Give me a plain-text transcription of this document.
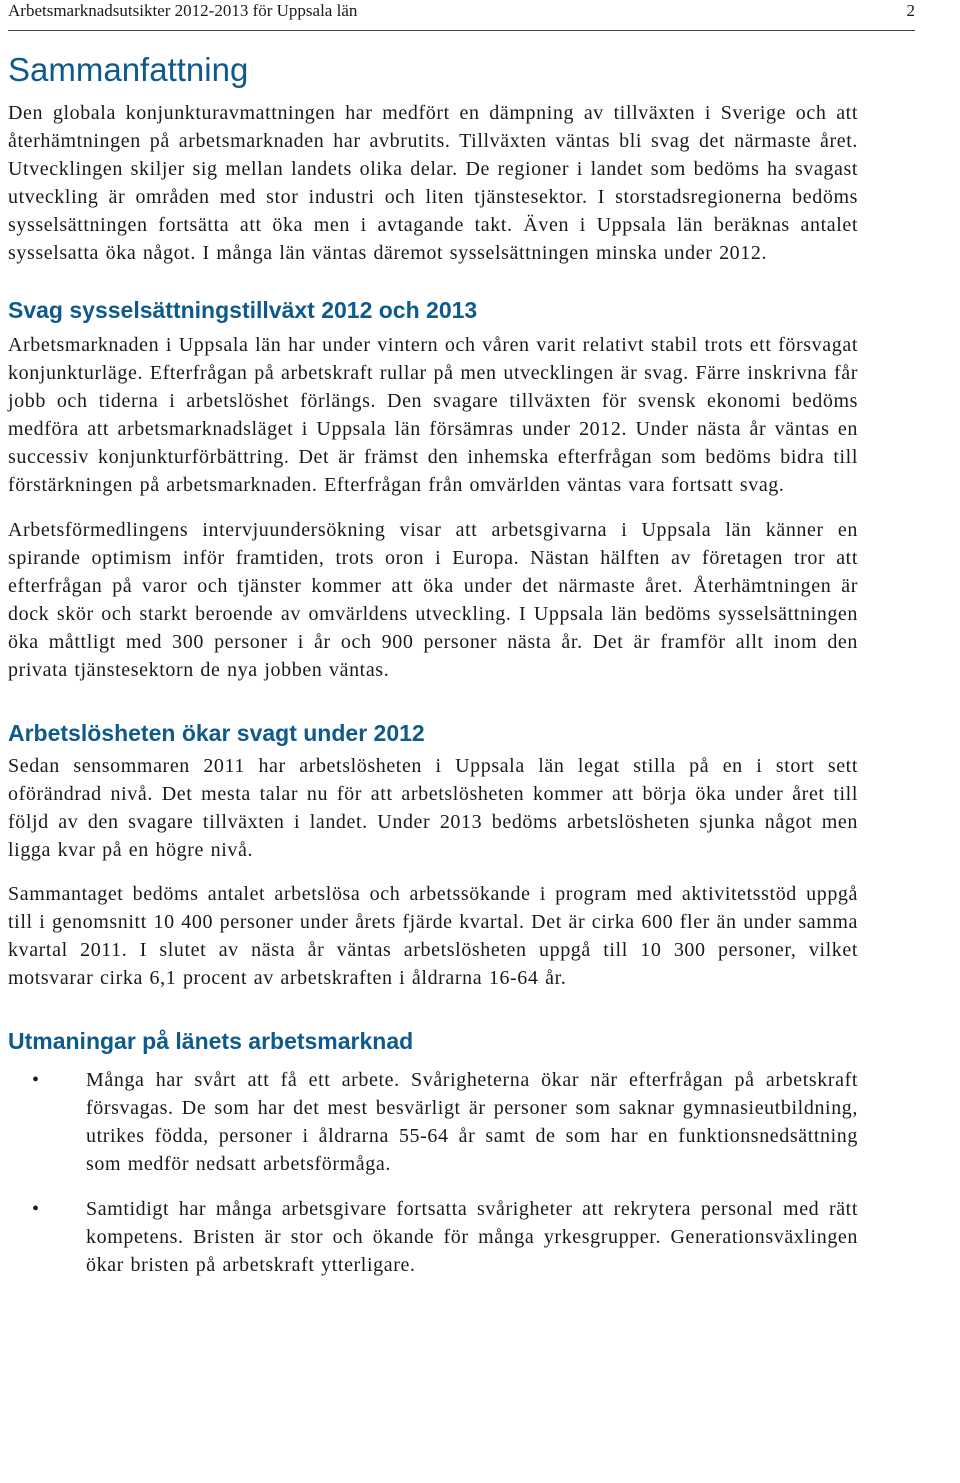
Arbetsmarknadsutsikter 2012-2013 för Uppsala län	2
Sammanfattning

Den globala konjunkturavmattningen har medfört en dämpning av tillväxten i Sverige och att återhämtningen på arbetsmarknaden har avbrutits. Tillväxten väntas bli svag det närmaste året. Utvecklingen skiljer sig mellan landets olika delar. De regioner i landet som bedöms ha svagast utveckling är områden med stor industri och liten tjänstesektor. I storstadsregionerna bedöms sysselsättningen fortsätta att öka men i avtagande takt. Även i Uppsala län beräknas antalet sysselsatta öka något. I många län väntas däremot sysselsättningen minska under 2012.

Svag sysselsättningstillväxt 2012 och 2013

Arbetsmarknaden i Uppsala län har under vintern och våren varit relativt stabil trots ett försvagat konjunkturläge. Efterfrågan på arbetskraft rullar på men utvecklingen är svag. Färre inskrivna får jobb och tiderna i arbetslöshet förlängs. Den svagare tillväxten för svensk ekonomi bedöms medföra att arbetsmarknadsläget i Uppsala län försämras under 2012. Under nästa år väntas en successiv konjunkturförbättring. Det är främst den inhemska efterfrågan som bedöms bidra till förstärkningen på arbetsmarknaden. Efterfrågan från omvärlden väntas vara fortsatt svag.

Arbetsförmedlingens intervjuundersökning visar att arbetsgivarna i Uppsala län känner en spirande optimism inför framtiden, trots oron i Europa. Nästan hälften av företagen tror att efterfrågan på varor och tjänster kommer att öka under det närmaste året. Återhämtningen är dock skör och starkt beroende av omvärldens utveckling. I Uppsala län bedöms sysselsättningen öka måttligt med 300 personer i år och 900 personer nästa år. Det är framför allt inom den privata tjänstesektorn de nya jobben väntas.

Arbetslösheten ökar svagt under 2012

Sedan sensommaren 2011 har arbetslösheten i Uppsala län legat stilla på en i stort sett oförändrad nivå. Det mesta talar nu för att arbetslösheten kommer att börja öka under året till följd av den svagare tillväxten i landet. Under 2013 bedöms arbetslösheten sjunka något men ligga kvar på en högre nivå.

Sammantaget bedöms antalet arbetslösa och arbetssökande i program med aktivitetsstöd uppgå till i genomsnitt 10 400 personer under årets fjärde kvartal. Det är cirka 600 fler än under samma kvartal 2011. I slutet av nästa år väntas arbetslösheten uppgå till 10 300 personer, vilket motsvarar cirka 6,1 procent av arbetskraften i åldrarna 16-64 år.

Utmaningar på länets arbetsmarknad
• Många har svårt att få ett arbete. Svårigheterna ökar när efterfrågan på arbetskraft försvagas. De som har det mest besvärligt är personer som saknar gymnasieutbildning, utrikes födda, personer i åldrarna 55-64 år samt de som har en funktionsnedsättning som medför nedsatt arbetsförmåga.

• Samtidigt har många arbetsgivare fortsatta svårigheter att rekrytera personal med rätt kompetens. Bristen är stor och ökande för många yrkesgrupper. Generationsväxlingen ökar bristen på arbetskraft ytterligare.
